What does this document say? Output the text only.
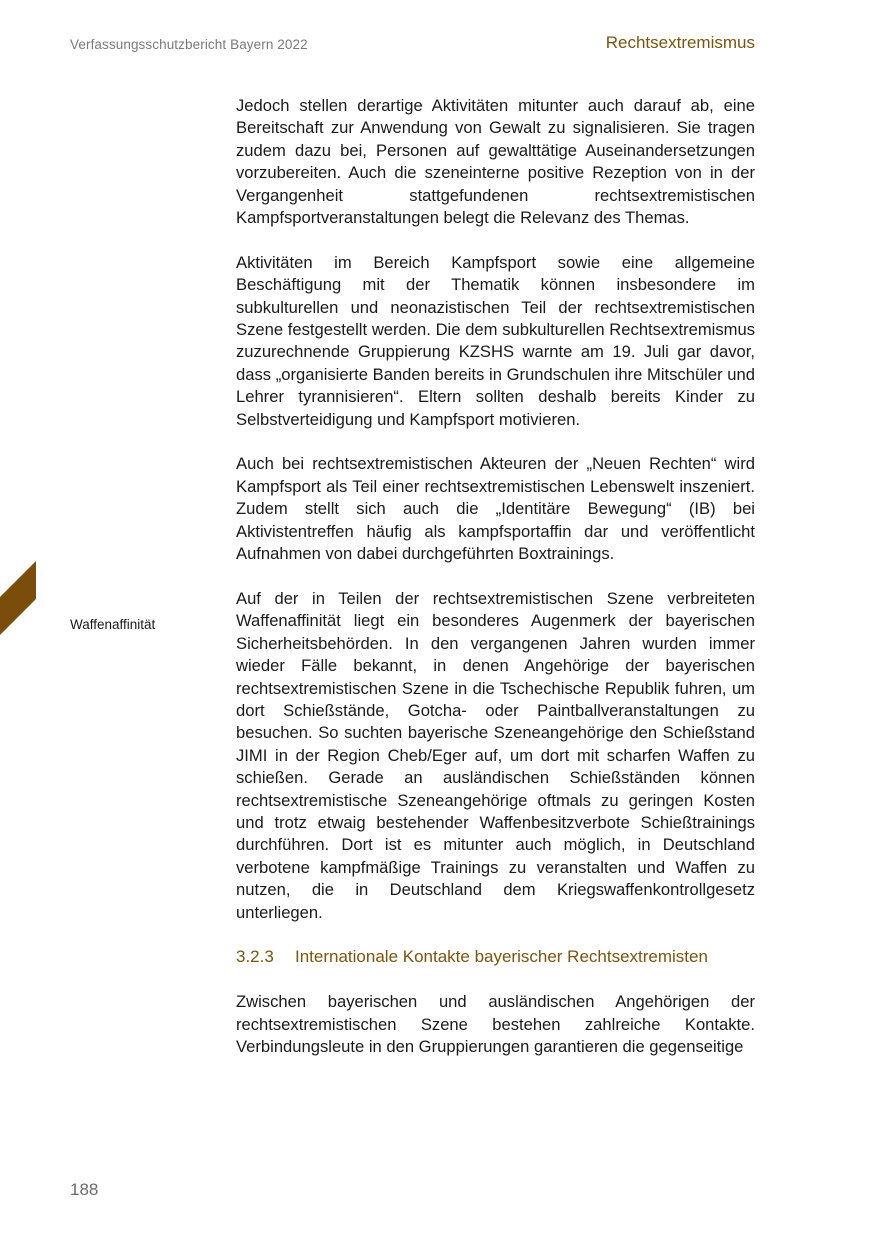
Verfassungsschutzbericht Bayern 2022	Rechtsextremismus
Waffenaffinität

Jedoch stellen derartige Aktivitäten mitunter auch darauf ab, eine Bereitschaft zur Anwendung von Gewalt zu signalisieren. Sie tragen zudem dazu bei, Personen auf gewalttätige Auseinandersetzungen vorzubereiten. Auch die szeneinterne positive Rezeption von in der Vergangenheit stattgefundenen rechtsextremistischen Kampfsportveranstaltungen belegt die Relevanz des Themas.

Aktivitäten im Bereich Kampfsport sowie eine allgemeine Beschäftigung mit der Thematik können insbesondere im subkulturellen und neonazistischen Teil der rechtsextremistischen Szene festgestellt werden. Die dem subkulturellen Rechtsextremismus zuzurechnende Gruppierung KZSHS warnte am 19. Juli gar davor, dass „organisierte Banden bereits in Grundschulen ihre Mitschüler und Lehrer tyrannisieren“. Eltern sollten deshalb bereits Kinder zu Selbstverteidigung und Kampfsport motivieren.

Auch bei rechtsextremistischen Akteuren der „Neuen Rechten“ wird Kampfsport als Teil einer rechtsextremistischen Lebenswelt inszeniert. Zudem stellt sich auch die „Identitäre Bewegung“ (IB) bei Aktivistentreffen häufig als kampfsportaffin dar und veröffentlicht Aufnahmen von dabei durchgeführten Boxtrainings.

Auf der in Teilen der rechtsextremistischen Szene verbreiteten Waffenaffinität liegt ein besonderes Augenmerk der bayerischen Sicherheitsbehörden. In den vergangenen Jahren wurden immer wieder Fälle bekannt, in denen Angehörige der bayerischen rechtsextremistischen Szene in die Tschechische Republik fuhren, um dort Schießstände, Gotcha- oder Paintballveranstaltungen zu besuchen. So suchten bayerische Szeneangehörige den Schießstand JIMI in der Region Cheb/Eger auf, um dort mit scharfen Waffen zu schießen. Gerade an ausländischen Schießständen können rechtsextremistische Szeneangehörige oftmals zu geringen Kosten und trotz etwaig bestehender Waffenbesitzverbote Schießtrainings durchführen. Dort ist es mitunter auch möglich, in Deutschland verbotene kampfmäßige Trainings zu veranstalten und Waffen zu nutzen, die in Deutschland dem Kriegswaffenkontrollgesetz unterliegen.

3.2.3	Internationale Kontakte bayerischer Rechtsextremisten

Zwischen bayerischen und ausländischen Angehörigen der rechtsextremistischen Szene bestehen zahlreiche Kontakte. Verbindungsleute in den Gruppierungen garantieren die gegenseitige

188
